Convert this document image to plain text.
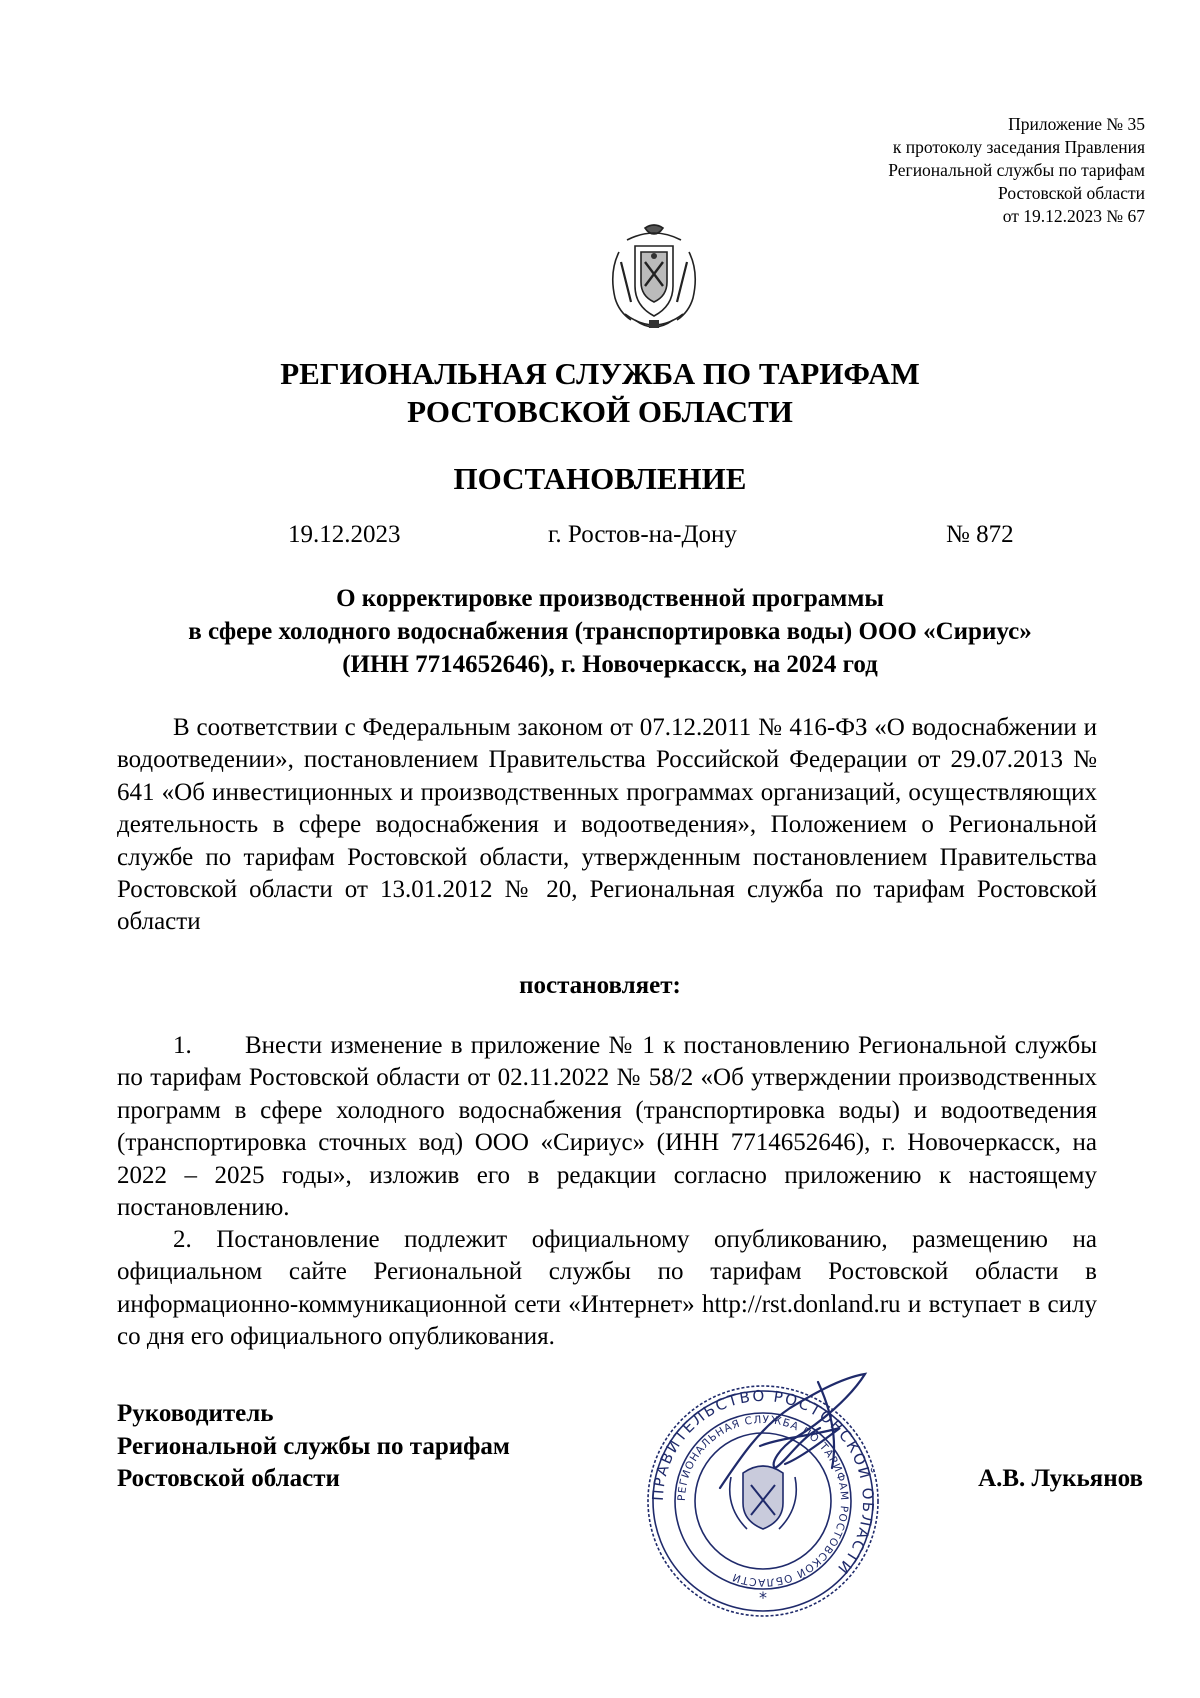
Приложение № 35
к протоколу заседания Правления
Региональной службы по тарифам
Ростовской области
от 19.12.2023 № 67
РЕГИОНАЛЬНАЯ СЛУЖБА ПО ТАРИФАМ
РОСТОВСКОЙ ОБЛАСТИ
ПОСТАНОВЛЕНИЕ
19.12.2023	г. Ростов-на-Дону	№ 872
О корректировке производственной программы
в сфере холодного водоснабжения (транспортировка воды) ООО «Сириус»
(ИНН 7714652646), г. Новочеркасск, на 2024 год
В соответствии с Федеральным законом от 07.12.2011 № 416-ФЗ «О водоснабжении и водоотведении», постановлением Правительства Российской Федерации от 29.07.2013 № 641 «Об инвестиционных и производственных программах организаций, осуществляющих деятельность в сфере водоснабжения и водоотведения», Положением о Региональной службе по тарифам Ростовской области, утвержденным постановлением Правительства Ростовской области от 13.01.2012 № 20, Региональная служба по тарифам Ростовской области
постановляет:
1. Внести изменение в приложение № 1 к постановлению Региональной службы по тарифам Ростовской области от 02.11.2022 № 58/2 «Об утверждении производственных программ в сфере холодного водоснабжения (транспортировка воды) и водоотведения (транспортировка сточных вод) ООО «Сириус» (ИНН 7714652646), г. Новочеркасск, на 2022 – 2025 годы», изложив его в редакции согласно приложению к настоящему постановлению.
2. Постановление подлежит официальному опубликованию, размещению на официальном сайте Региональной службы по тарифам Ростовской области в информационно-коммуникационной сети «Интернет» http://rst.donland.ru и вступает в силу со дня его официального опубликования.
Руководитель
Региональной службы по тарифам
Ростовской области
ПРАВИТЕЛЬСТВО РОСТОВСКОЙ ОБЛАСТИ
РЕГИОНАЛЬНАЯ СЛУЖБА ПО ТАРИФАМ РОСТОВСКОЙ ОБЛАСТИ
*
А.В. Лукьянов
